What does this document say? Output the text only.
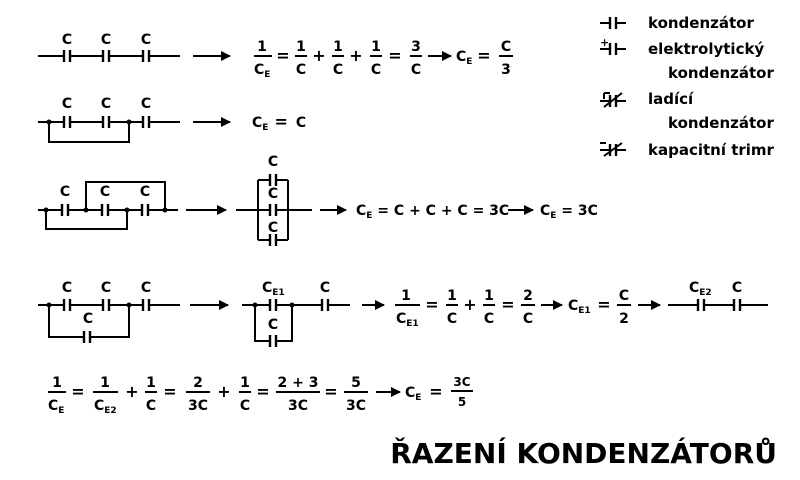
kondenzátor
+	elektrolytický
kondenzátor
ladící
kondenzátor
kapacitní trimr
C C C	1
$C_E$
= 1
C
+ 1
C
+ 1
C
= 3
C
$C_E = C$
3
C C C
$C_E = C$
C C C
C
C
C
$C_E = C + C + C = 3C$ $C_E = 3C$
C C C
C
$C_{E1}$	C
C
1
$C_{E1}$
= 1
C
+ 1
C
= 2
C
$C_{E1} = C$
2
$C_{E2}$ C
1
$C_E$
= 1
$C_{E2}$
+ 1
C
= 2
3C
+ 1
C
= 2 + 3
3C
= 5
3C
$C_E = 3C$
5
ŘAZENÍ KONDENZÁTORŮ
